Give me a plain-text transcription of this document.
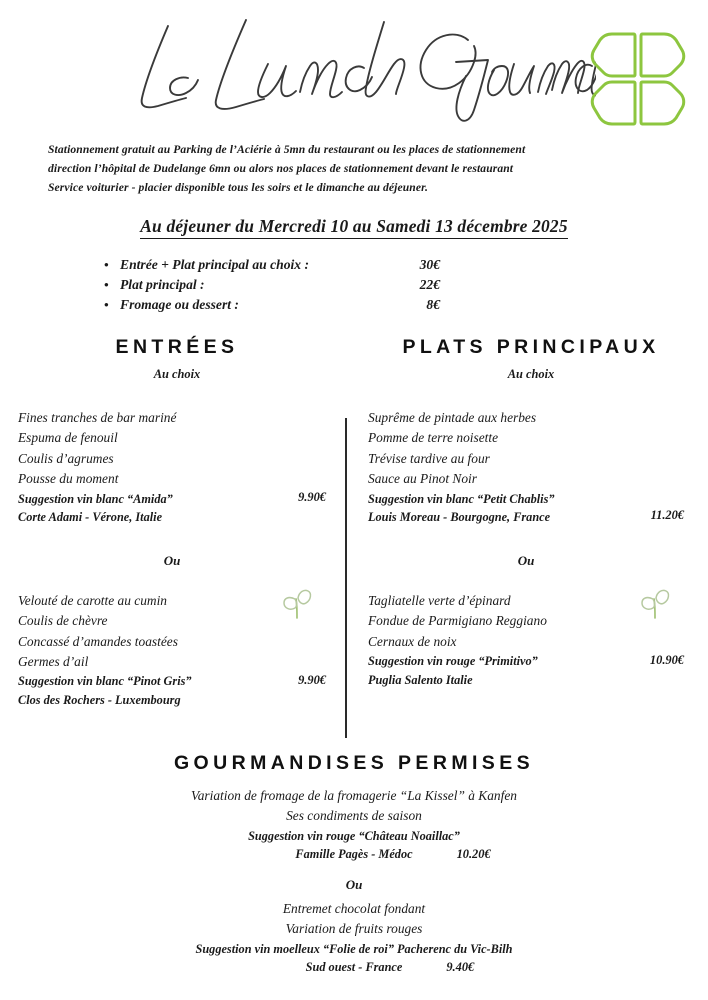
Stationnement gratuit au Parking de l’Aciérie à 5mn du restaurant ou les places de stationnement
direction l’hôpital de Dudelange 6mn ou alors nos places de stationnement devant le restaurant
Service voiturier - placier disponible tous les soirs et le dimanche au déjeuner.
Au déjeuner du Mercredi 10 au Samedi 13 décembre 2025
• Entrée + Plat principal au choix :	30€
• Plat principal :	22€
• Fromage ou dessert :	8€
ENTRÉES
Au choix
PLATS PRINCIPAUX
Au choix
Fines tranches de bar mariné
Espuma de fenouil
Coulis d’agrumes
Pousse du moment
Suggestion vin blanc “Amida”
Corte Adami - Vérone, Italie
9.90€
Suprême de pintade aux herbes
Pomme de terre noisette
Trévise tardive au four
Sauce au Pinot Noir
Suggestion vin blanc “Petit Chablis”
Louis Moreau - Bourgogne, France	11.20€
Ou	Ou
Velouté de carotte au cumin
Coulis de chèvre
Concassé d’amandes toastées
Germes d’ail
Suggestion vin blanc “Pinot Gris”
Clos des Rochers - Luxembourg
9.90€
Tagliatelle verte d’épinard
Fondue de Parmigiano Reggiano
Cernaux de noix
Suggestion vin rouge “Primitivo”
Puglia Salento Italie
10.90€
GOURMANDISES PERMISES
Variation de fromage de la fromagerie “La Kissel” à Kanfen
Ses condiments de saison
Suggestion vin rouge “Château Noaillac”
Famille Pagès - Médoc	10.20€
Ou
Entremet chocolat fondant
Variation de fruits rouges
Suggestion vin moelleux “Folie de roi” Pacherenc du Vic-Bilh
Sud ouest - France	9.40€
